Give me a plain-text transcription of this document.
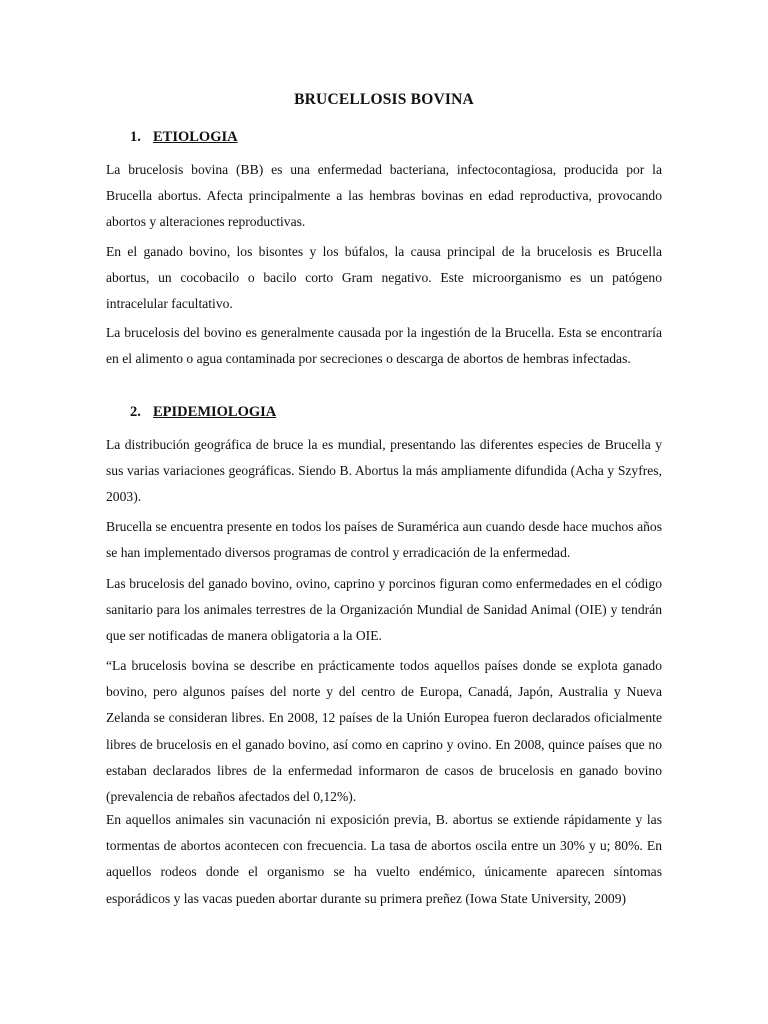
BRUCELLOSIS BOVINA
1. ETIOLOGIA

La brucelosis bovina (BB) es una enfermedad bacteriana, infectocontagiosa, producida por la Brucella abortus. Afecta principalmente a las hembras bovinas en edad reproductiva, provocando abortos y alteraciones reproductivas.

En el ganado bovino, los bisontes y los búfalos, la causa principal de la brucelosis es Brucella abortus, un cocobacilo o bacilo corto Gram negativo. Este microorganismo es un patógeno intracelular facultativo.

La brucelosis del bovino es generalmente causada por la ingestión de la Brucella. Esta se encontraría en el alimento o agua contaminada por secreciones o descarga de abortos de hembras infectadas.

2. EPIDEMIOLOGIA

La distribución geográfica de bruce la es mundial, presentando las diferentes especies de Brucella y sus varias variaciones geográficas. Siendo B. Abortus la más ampliamente difundida (Acha y Szyfres, 2003).

Brucella se encuentra presente en todos los países de Suramérica aun cuando desde hace muchos años se han implementado diversos programas de control y erradicación de la enfermedad.

Las brucelosis del ganado bovino, ovino, caprino y porcinos figuran como enfermedades en el código sanitario para los animales terrestres de la Organización Mundial de Sanidad Animal (OIE) y tendrán que ser notificadas de manera obligatoria a la OIE.

“La brucelosis bovina se describe en prácticamente todos aquellos países donde se explota ganado bovino, pero algunos países del norte y del centro de Europa, Canadá, Japón, Australia y Nueva Zelanda se consideran libres. En 2008, 12 países de la Unión Europea fueron declarados oficialmente libres de brucelosis en el ganado bovino, así como en caprino y ovino. En 2008, quince países que no estaban declarados libres de la enfermedad informaron de casos de brucelosis en ganado bovino (prevalencia de rebaños afectados del 0,12%).

En aquellos animales sin vacunación ni exposición previa, B. abortus se extiende rápidamente y las tormentas de abortos acontecen con frecuencia. La tasa de abortos oscila entre un 30% y u; 80%. En aquellos rodeos donde el organismo se ha vuelto endémico, únicamente aparecen síntomas esporádicos y las vacas pueden abortar durante su primera preñez (Iowa State University, 2009)
